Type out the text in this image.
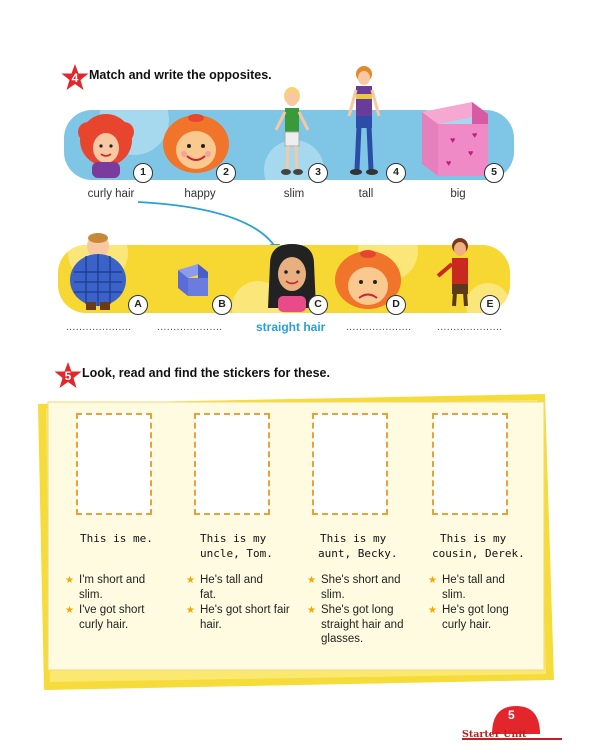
4 Match and write the opposites.
♥
♥
♥
♥
1	2	3	4	5
curly hair	happy	slim	tall	big
A	B	C	D	E
....................	....................	straight hair ....................	....................
5 Look, read and find the stickers for these.
This is me.	This is my
uncle, Tom.
This is my
aunt, Becky.
This is my
cousin, Derek.
★ I'm short and slim.
★ I've got short curly hair.
★ He's tall and fat.
★ He's got short fair hair.
★ She's short and slim.
★ She's got long straight hair and glasses.
★ He's tall and slim.
★ He's got long curly hair.
5
Starter Unit
